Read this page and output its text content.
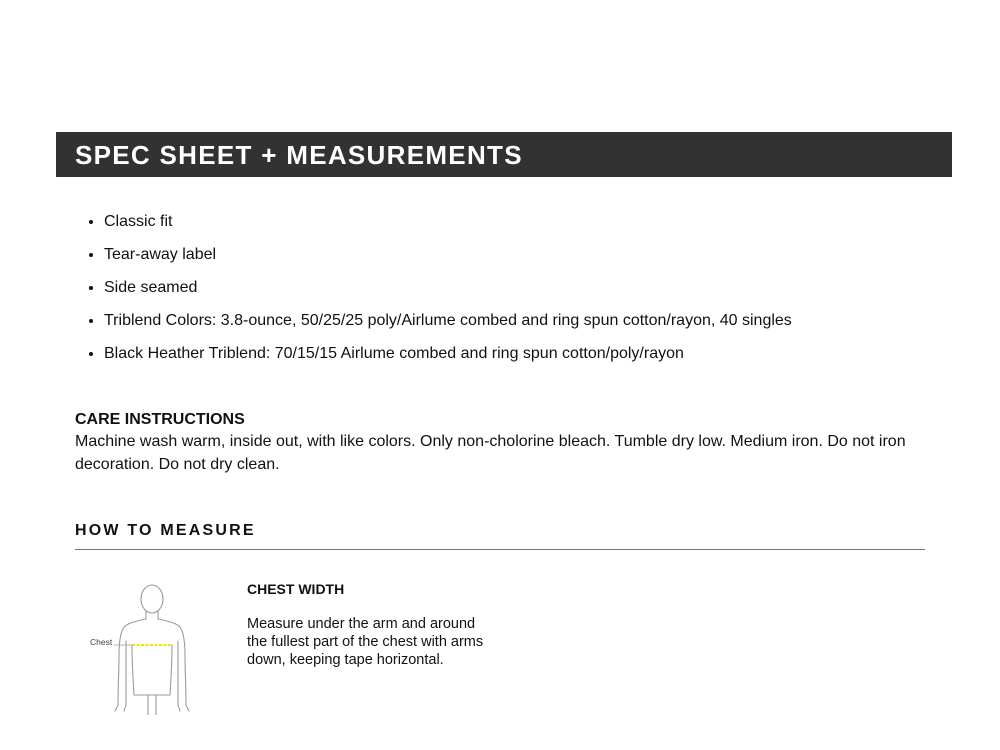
SPEC SHEET + MEASUREMENTS
• Classic fit
• Tear-away label
• Side seamed
• Triblend Colors: 3.8-ounce, 50/25/25 poly/Airlume combed and ring spun cotton/rayon, 40 singles
• Black Heather Triblend: 70/15/15 Airlume combed and ring spun cotton/poly/rayon
CARE INSTRUCTIONS

Machine wash warm, inside out, with like colors. Only non-cholorine bleach. Tumble dry low. Medium iron. Do not iron decoration. Do not dry clean.

HOW TO MEASURE
Chest
CHEST WIDTH

Measure under the arm and around the fullest part of the chest with arms down, keeping tape horizontal.
